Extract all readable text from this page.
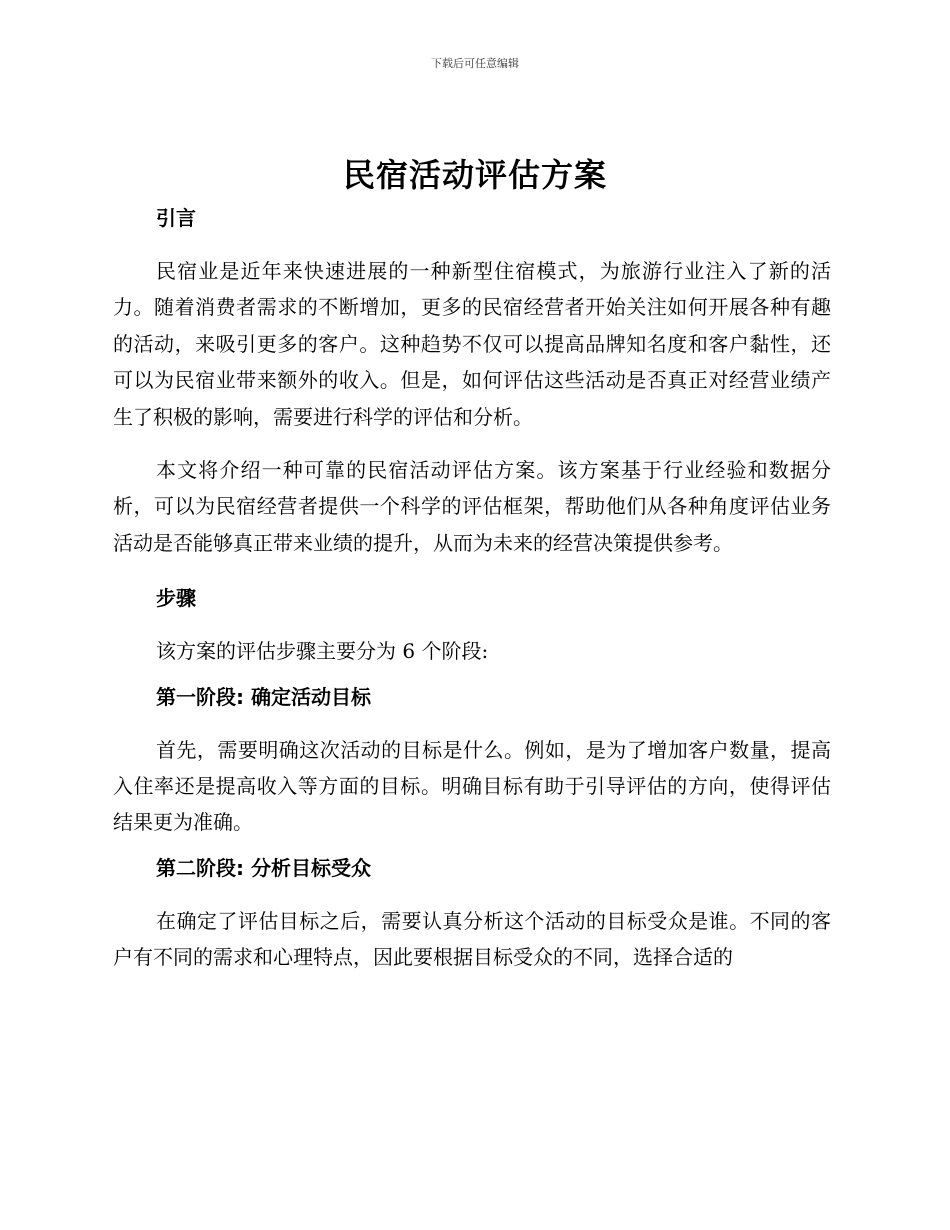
下载后可任意编辑
民宿活动评估方案

引言

民宿业是近年来快速进展的一种新型住宿模式，为旅游行业注入了新的活力。随着消费者需求的不断增加，更多的民宿经营者开始关注如何开展各种有趣的活动，来吸引更多的客户。这种趋势不仅可以提高品牌知名度和客户黏性，还可以为民宿业带来额外的收入。但是，如何评估这些活动是否真正对经营业绩产生了积极的影响，需要进行科学的评估和分析。

本文将介绍一种可靠的民宿活动评估方案。该方案基于行业经验和数据分析，可以为民宿经营者提供一个科学的评估框架，帮助他们从各种角度评估业务活动是否能够真正带来业绩的提升，从而为未来的经营决策提供参考。

步骤

该方案的评估步骤主要分为 6 个阶段:

第一阶段: 确定活动目标

首先，需要明确这次活动的目标是什么。例如，是为了增加客户数量，提高入住率还是提高收入等方面的目标。明确目标有助于引导评估的方向，使得评估结果更为准确。

第二阶段: 分析目标受众

在确定了评估目标之后，需要认真分析这个活动的目标受众是谁。不同的客户有不同的需求和心理特点，因此要根据目标受众的不同，选择合适的
